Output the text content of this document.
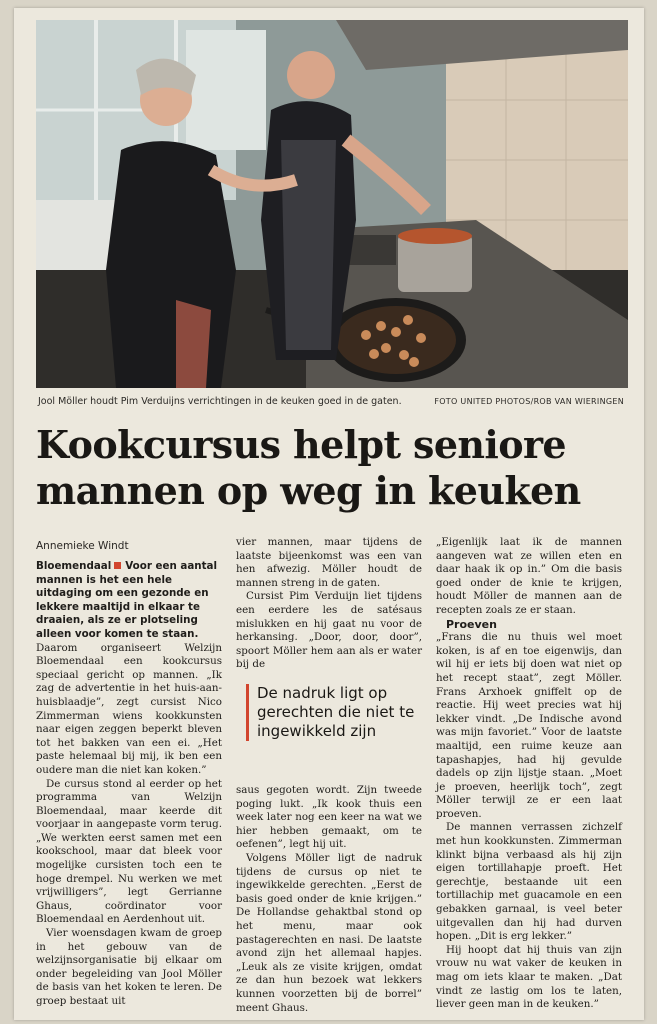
Jool Möller houdt Pim Verduijns verrichtingen in de keuken goed in de gaten.	FOTO UNITED PHOTOS/ROB VAN WIERINGEN
Kookcursus helpt seniore
mannen op weg in keuken
Annemieke Windt

Bloemendaal Voor een aantal mannen is het een hele uitdaging om een gezonde en lekkere maaltijd in elkaar te draaien, als ze er plotseling alleen voor komen te staan.

Daarom organiseert Welzijn Bloemendaal een kookcursus speciaal gericht op mannen. „Ik zag de advertentie in het huis-aan-huisblaadje”, zegt cursist Nico Zimmerman wiens kookkunsten naar eigen zeggen beperkt bleven tot het bakken van een ei. „Het paste helemaal bij mij, ik ben een oudere man die niet kan koken.”

De cursus stond al eerder op het programma van Welzijn Bloemendaal, maar keerde dit voorjaar in aangepaste vorm terug. „We werkten eerst samen met een kookschool, maar dat bleek voor mogelijke cursisten toch een te hoge drempel. Nu werken we met vrijwilligers”, legt Gerrianne Ghaus, coördinator voor Bloemendaal en Aerdenhout uit.

Vier woensdagen kwam de groep in het gebouw van de welzijnsorganisatie bij elkaar om onder begeleiding van Jool Möller de basis van het koken te leren. De groep bestaat uit

vier mannen, maar tijdens de laatste bijeenkomst was een van hen afwezig. Möller houdt de mannen streng in de gaten.

Cursist Pim Verduijn liet tijdens een eerdere les de satésaus mislukken en hij gaat nu voor de herkansing. „Door, door, door”, spoort Möller hem aan als er water bij de

De nadruk ligt op gerechten die niet te ingewikkeld zijn

saus gegoten wordt. Zijn tweede poging lukt. „Ik kook thuis een week later nog een keer na wat we hier hebben gemaakt, om te oefenen”, legt hij uit.

Volgens Möller ligt de nadruk tijdens de cursus op niet te ingewikkelde gerechten. „Eerst de basis goed onder de knie krijgen.” De Hollandse gehaktbal stond op het menu, maar ook pastagerechten en nasi. De laatste avond zijn het allemaal hapjes. „Leuk als ze visite krijgen, omdat ze dan hun bezoek wat lekkers kunnen voorzetten bij de borrel” meent Ghaus.

„Eigenlijk laat ik de mannen aangeven wat ze willen eten en daar haak ik op in.” Om die basis goed onder de knie te krijgen, houdt Möller de mannen aan de recepten zoals ze er staan.

Proeven

„Frans die nu thuis wel moet koken, is af en toe eigenwijs, dan wil hij er iets bij doen wat niet op het recept staat”, zegt Möller. Frans Arxhoek gniffelt op de reactie. Hij weet precies wat hij lekker vindt. „De Indische avond was mijn favoriet.” Voor de laatste maaltijd, een ruime keuze aan tapashapjes, had hij gevulde dadels op zijn lijstje staan. „Moet je proeven, heerlijk toch”, zegt Möller terwijl ze er een laat proeven.

De mannen verrassen zichzelf met hun kookkunsten. Zimmerman klinkt bijna verbaasd als hij zijn eigen tortillahapje proeft. Het gerechtje, bestaande uit een tortillachip met guacamole en een gebakken garnaal, is veel beter uitgevallen dan hij had durven hopen. „Dit is erg lekker.”

Hij hoopt dat hij thuis van zijn vrouw nu wat vaker de keuken in mag om iets klaar te maken. „Dat vindt ze lastig om los te laten, liever geen man in de keuken.”
